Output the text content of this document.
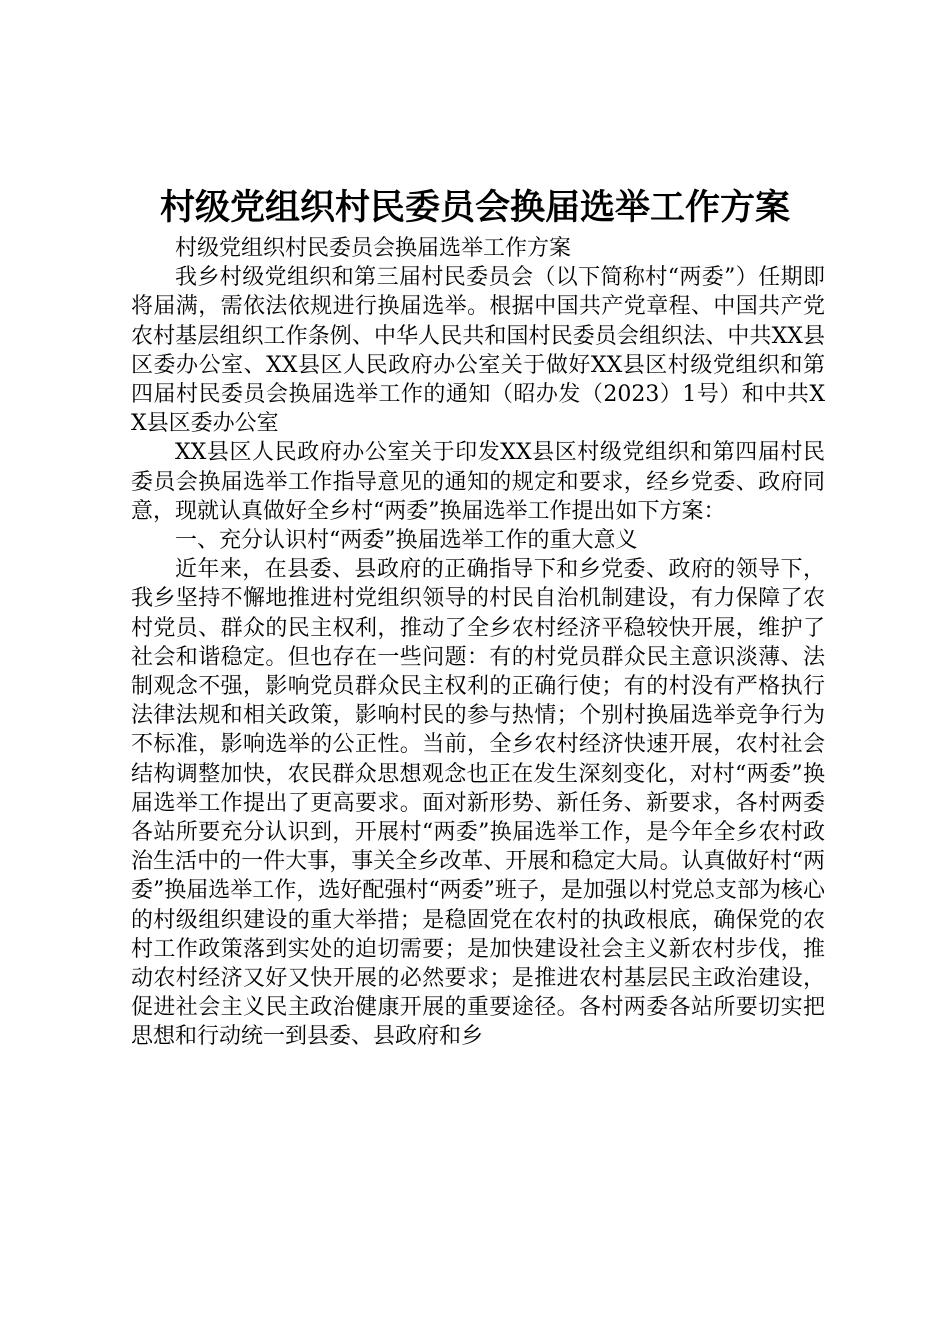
村级党组织村民委员会换届选举工作方案

村级党组织村民委员会换届选举工作方案

我乡村级党组织和第三届村民委员会（以下简称村“两委”）任期即将届满，需依法依规进行换届选举。根据中国共产党章程、中国共产党农村基层组织工作条例、中华人民共和国村民委员会组织法、中共XX县区委办公室、XX县区人民政府办公室关于做好XX县区村级党组织和第四届村民委员会换届选举工作的通知（昭办发（2023）1号）和中共XX县区委办公室

XX县区人民政府办公室关于印发XX县区村级党组织和第四届村民委员会换届选举工作指导意见的通知的规定和要求，经乡党委、政府同意，现就认真做好全乡村“两委”换届选举工作提出如下方案：

一、充分认识村“两委”换届选举工作的重大意义

近年来，在县委、县政府的正确指导下和乡党委、政府的领导下，我乡坚持不懈地推进村党组织领导的村民自治机制建设，有力保障了农村党员、群众的民主权利，推动了全乡农村经济平稳较快开展，维护了社会和谐稳定。但也存在一些问题：有的村党员群众民主意识淡薄、法制观念不强，影响党员群众民主权利的正确行使；有的村没有严格执行法律法规和相关政策，影响村民的参与热情；个别村换届选举竞争行为不标准，影响选举的公正性。当前，全乡农村经济快速开展，农村社会结构调整加快，农民群众思想观念也正在发生深刻变化，对村“两委”换届选举工作提出了更高要求。面对新形势、新任务、新要求，各村两委各站所要充分认识到，开展村“两委”换届选举工作，是今年全乡农村政治生活中的一件大事，事关全乡改革、开展和稳定大局。认真做好村“两委”换届选举工作，选好配强村“两委”班子，是加强以村党总支部为核心的村级组织建设的重大举措；是稳固党在农村的执政根底，确保党的农村工作政策落到实处的迫切需要；是加快建设社会主义新农村步伐，推动农村经济又好又快开展的必然要求；是推进农村基层民主政治建设，促进社会主义民主政治健康开展的重要途径。各村两委各站所要切实把思想和行动统一到县委、县政府和乡
